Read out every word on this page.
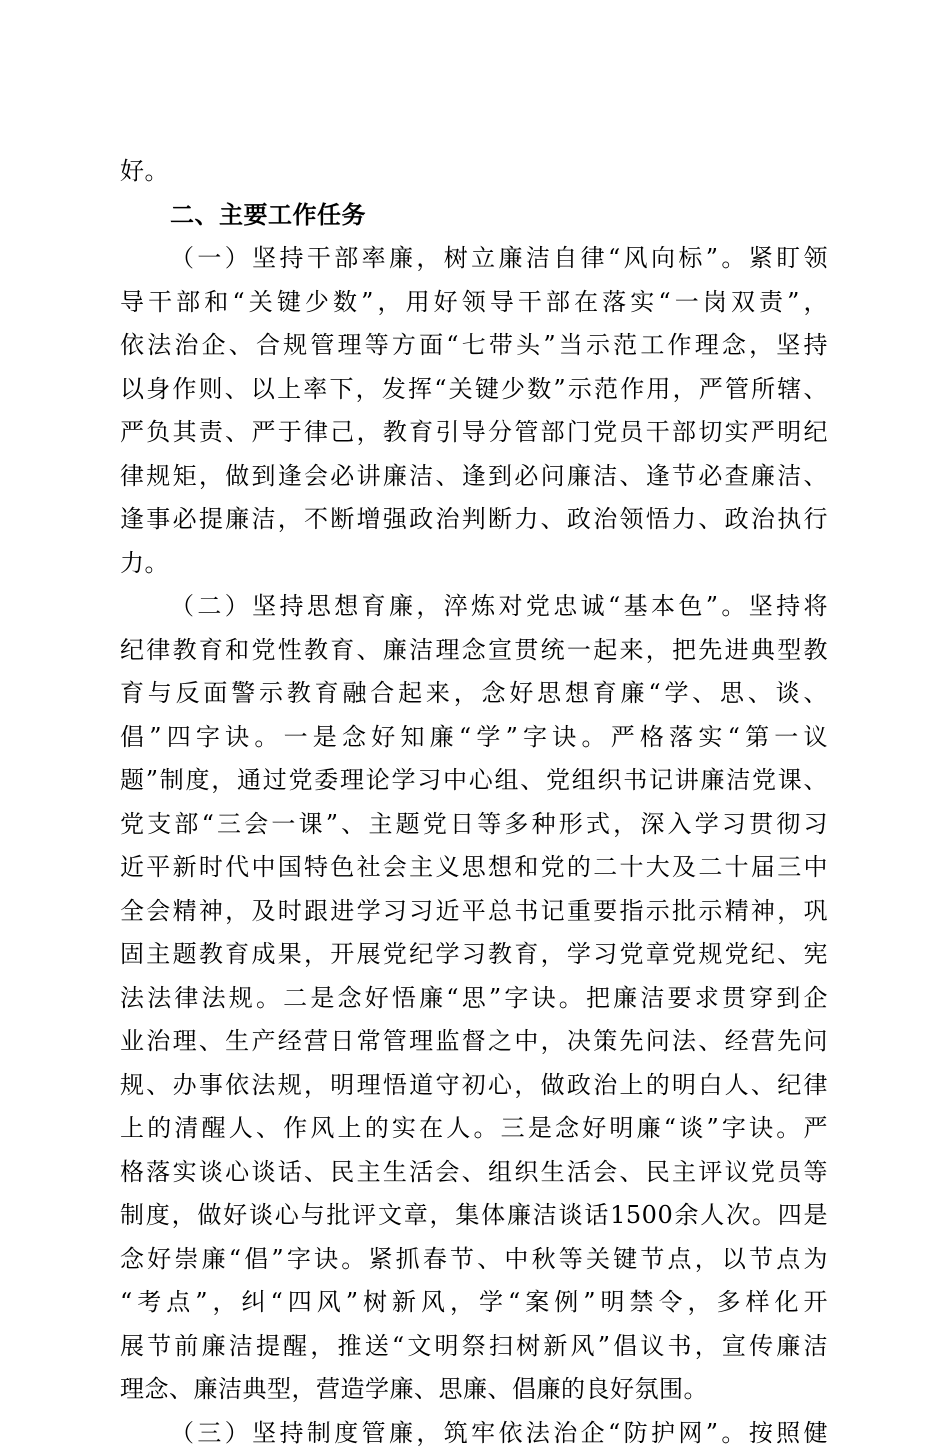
好。
二、主要工作任务
（一）坚持干部率廉，树立廉洁自律“风向标”。紧盯领
导干部和“关键少数”，用好领导干部在落实“一岗双责”，
依法治企、合规管理等方面“七带头”当示范工作理念，坚持
以身作则、以上率下，发挥“关键少数”示范作用，严管所辖、
严负其责、严于律己，教育引导分管部门党员干部切实严明纪
律规矩，做到逢会必讲廉洁、逢到必问廉洁、逢节必查廉洁、
逢事必提廉洁，不断增强政治判断力、政治领悟力、政治执行
力。
（二）坚持思想育廉，淬炼对党忠诚“基本色”。坚持将
纪律教育和党性教育、廉洁理念宣贯统一起来，把先进典型教
育与反面警示教育融合起来，念好思想育廉“学、思、谈、
倡”四字诀。一是念好知廉“学”字诀。严格落实“第一议
题”制度，通过党委理论学习中心组、党组织书记讲廉洁党课、
党支部“三会一课”、主题党日等多种形式，深入学习贯彻习
近平新时代中国特色社会主义思想和党的二十大及二十届三中
全会精神，及时跟进学习习近平总书记重要指示批示精神，巩
固主题教育成果，开展党纪学习教育，学习党章党规党纪、宪
法法律法规。二是念好悟廉“思”字诀。把廉洁要求贯穿到企
业治理、生产经营日常管理监督之中，决策先问法、经营先问
规、办事依法规，明理悟道守初心，做政治上的明白人、纪律
上的清醒人、作风上的实在人。三是念好明廉“谈”字诀。严
格落实谈心谈话、民主生活会、组织生活会、民主评议党员等
制度，做好谈心与批评文章，集体廉洁谈话1500余人次。四是
念好崇廉“倡”字诀。紧抓春节、中秋等关键节点，以节点为
“考点”，纠“四风”树新风，学“案例”明禁令，多样化开
展节前廉洁提醒，推送“文明祭扫树新风”倡议书，宣传廉洁
理念、廉洁典型，营造学廉、思廉、倡廉的良好氛围。
（三）坚持制度管廉，筑牢依法治企“防护网”。按照健
